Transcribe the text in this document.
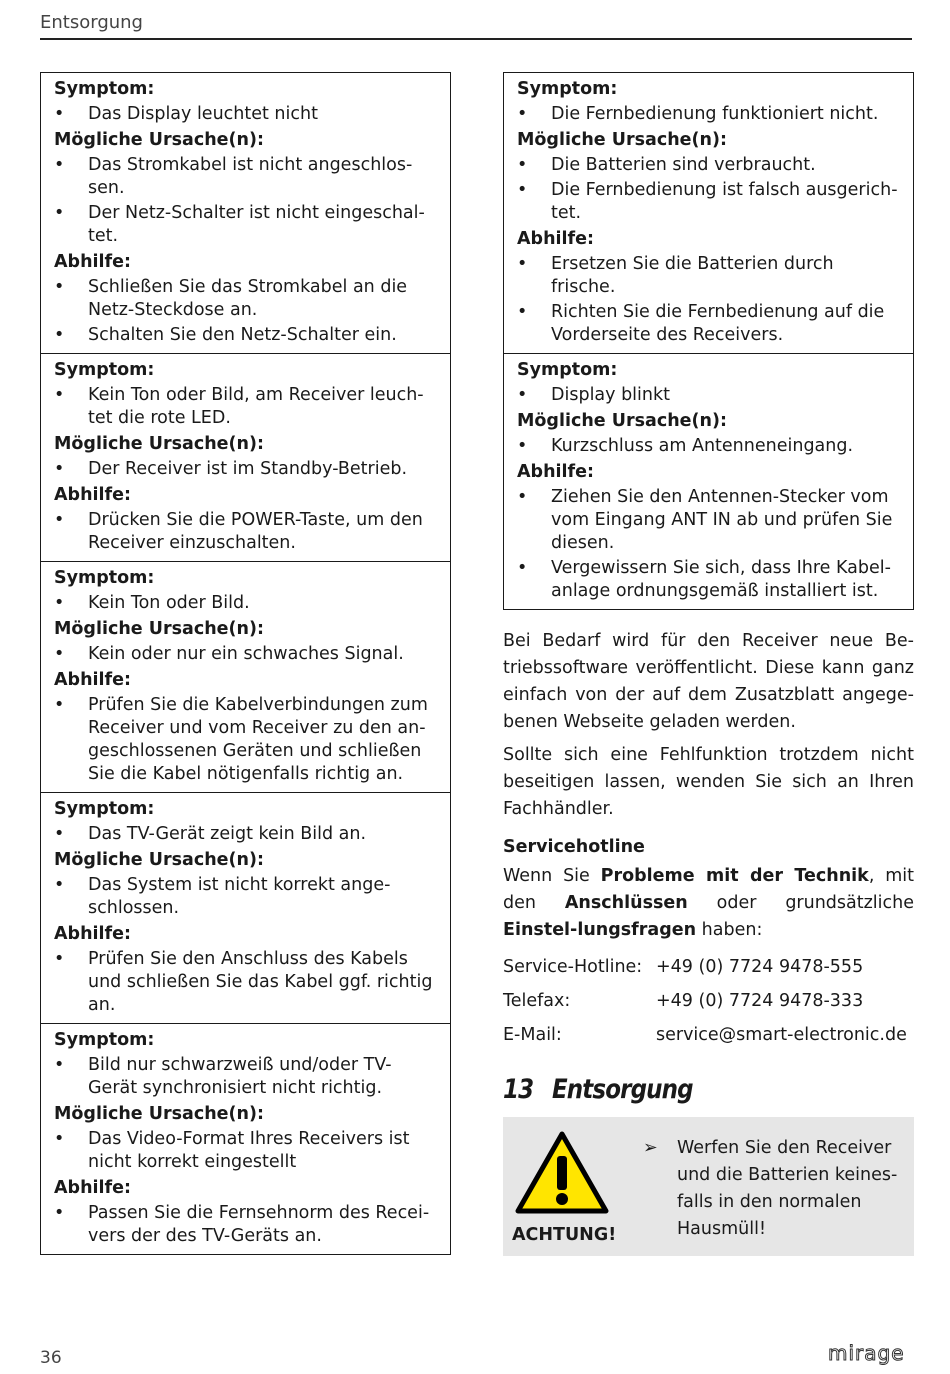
Entsorgung
Symptom:
• Das Display leuchtet nicht
Mögliche Ursache(n):
• Das Stromkabel ist nicht angeschlos-sen.
• Der Netz-Schalter ist nicht eingeschal-tet.
Abhilfe:
• Schließen Sie das Stromkabel an die Netz-Steckdose an.
• Schalten Sie den Netz-Schalter ein.
Symptom:
• Kein Ton oder Bild, am Receiver leuch-tet die rote LED.
Mögliche Ursache(n):
• Der Receiver ist im Standby-Betrieb.
Abhilfe:
• Drücken Sie die POWER-Taste, um den Receiver einzuschalten.
Symptom:
• Kein Ton oder Bild.
Mögliche Ursache(n):
• Kein oder nur ein schwaches Signal.
Abhilfe:
• Prüfen Sie die Kabelverbindungen zum Receiver und vom Receiver zu den an-geschlossenen Geräten und schließen Sie die Kabel nötigenfalls richtig an.
Symptom:
• Das TV-Gerät zeigt kein Bild an.
Mögliche Ursache(n):
• Das System ist nicht korrekt ange-schlossen.
Abhilfe:
• Prüfen Sie den Anschluss des Kabels und schließen Sie das Kabel ggf. richtig an.
Symptom:
• Bild nur schwarzweiß und/oder TV-Gerät synchronisiert nicht richtig.
Mögliche Ursache(n):
• Das Video-Format Ihres Receivers ist nicht korrekt eingestellt
Abhilfe:
• Passen Sie die Fernsehnorm des Recei-vers der des TV-Geräts an.
Symptom:
• Die Fernbedienung funktioniert nicht.
Mögliche Ursache(n):
• Die Batterien sind verbraucht.
• Die Fernbedienung ist falsch ausgerich-tet.
Abhilfe:
• Ersetzen Sie die Batterien durch frische.
• Richten Sie die Fernbedienung auf die Vorderseite des Receivers.
Symptom:
• Display blinkt
Mögliche Ursache(n):
• Kurzschluss am Antenneneingang.
Abhilfe:
• Ziehen Sie den Antennen-Stecker vom vom Eingang ANT IN ab und prüfen Sie diesen.
• Vergewissern Sie sich, dass Ihre Kabel-anlage ordnungsgemäß installiert ist.

Bei Bedarf wird für den Receiver neue Be-triebssoftware veröffentlicht. Diese kann ganz einfach von der auf dem Zusatzblatt angege-benen Webseite geladen werden.

Sollte sich eine Fehlfunktion trotzdem nicht beseitigen lassen, wenden Sie sich an Ihren Fachhändler.

Servicehotline

Wenn Sie Probleme mit der Technik, mit den Anschlüssen oder grundsätzliche Einstel-lungsfragen haben:

Service-Hotline: +49 (0) 7724 9478-555
Telefax:	+49 (0) 7724 9478-333
E-Mail:	service@smart-electronic.de
13 Entsorgung
ACHTUNG!
➢ Werfen Sie den Receiver und die Batterien keines-falls in den normalen Hausmüll!
36	mirage
